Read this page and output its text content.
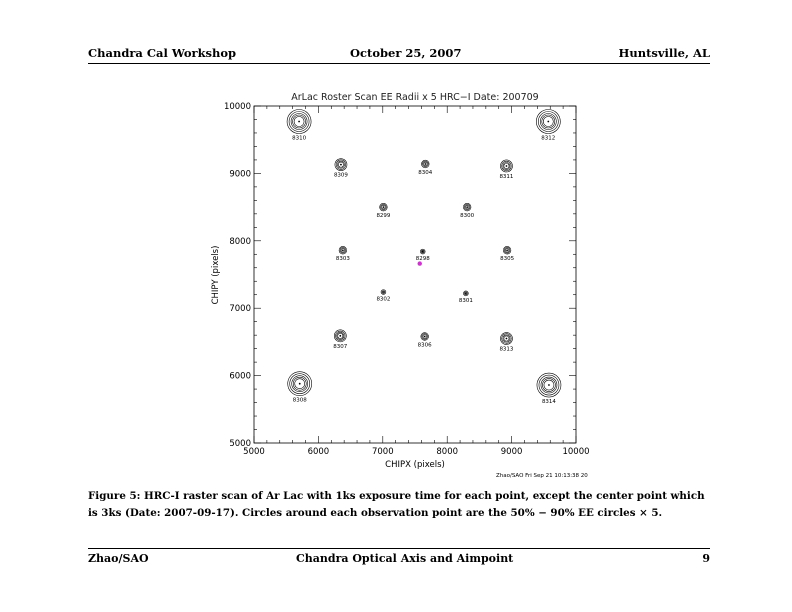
Chandra Cal Workshop	October 25, 2007	Huntsville, AL
ArLac Roster Scan EE Radii x 5 HRC−I Date: 200709
5000	6000	7000	8000	9000	10000
5000
6000
7000
8000
9000
10000
8310	8312
8309	8304
8311
8299	8300
8303	8298	8305
8302	8301
8307	8306
8313
8308	8314
CHIPX (pixels)
CHIPY (pixels)
Zhao/SAO Fri Sep 21 10:13:38 20
Figure 5: HRC-I raster scan of Ar Lac with 1ks exposure time for each point, except the center point which is 3ks (Date: 2007-09-17). Circles around each observation point are the 50% − 90% EE circles × 5.
Zhao/SAO	Chandra Optical Axis and Aimpoint	9
